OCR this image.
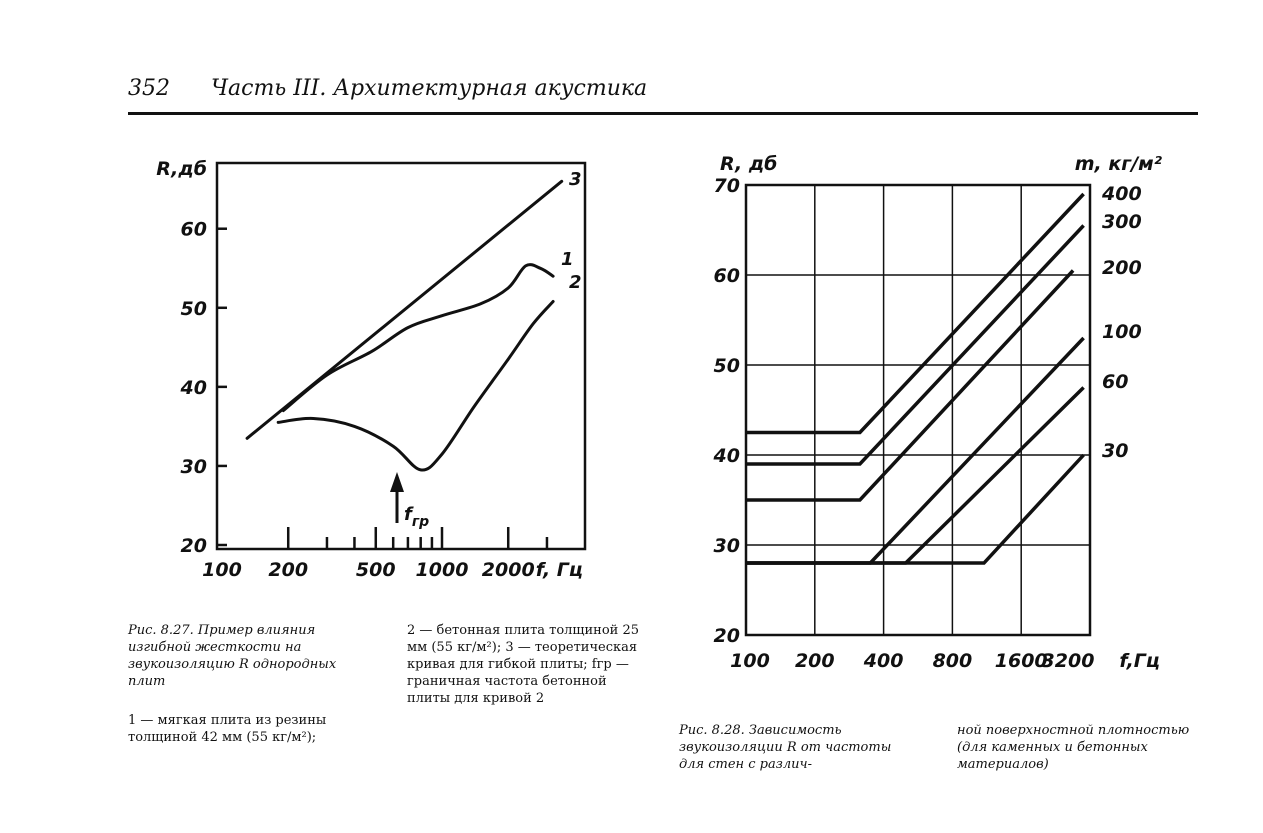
352 Часть III. Архитектурная акустика
20
30
40
50
60
R,дб
100 200	500 1000 2000 f, Гц
1
2
3
$f_{гр}$
20
30
40
50
60
70
100 200 400 800 1600
3200
R, дб
f,Гц
m, кг/м²
400
300
200
100
60
30
Рис. 8.27. Пример влияния изгибной жесткости на звукоизоляцию R однородных плит
1 — мягкая плита из резины толщиной 42 мм (55 кг/м²);
2 — бетонная плита толщиной 25 мм (55 кг/м²); 3 — теоретическая кривая для гибкой плиты; fгр — граничная частота бетонной плиты для кривой 2
Рис. 8.28. Зависимость звукоизоляции R от частоты для стен с различ-
ной поверхностной плотностью (для каменных и бетонных материалов)
